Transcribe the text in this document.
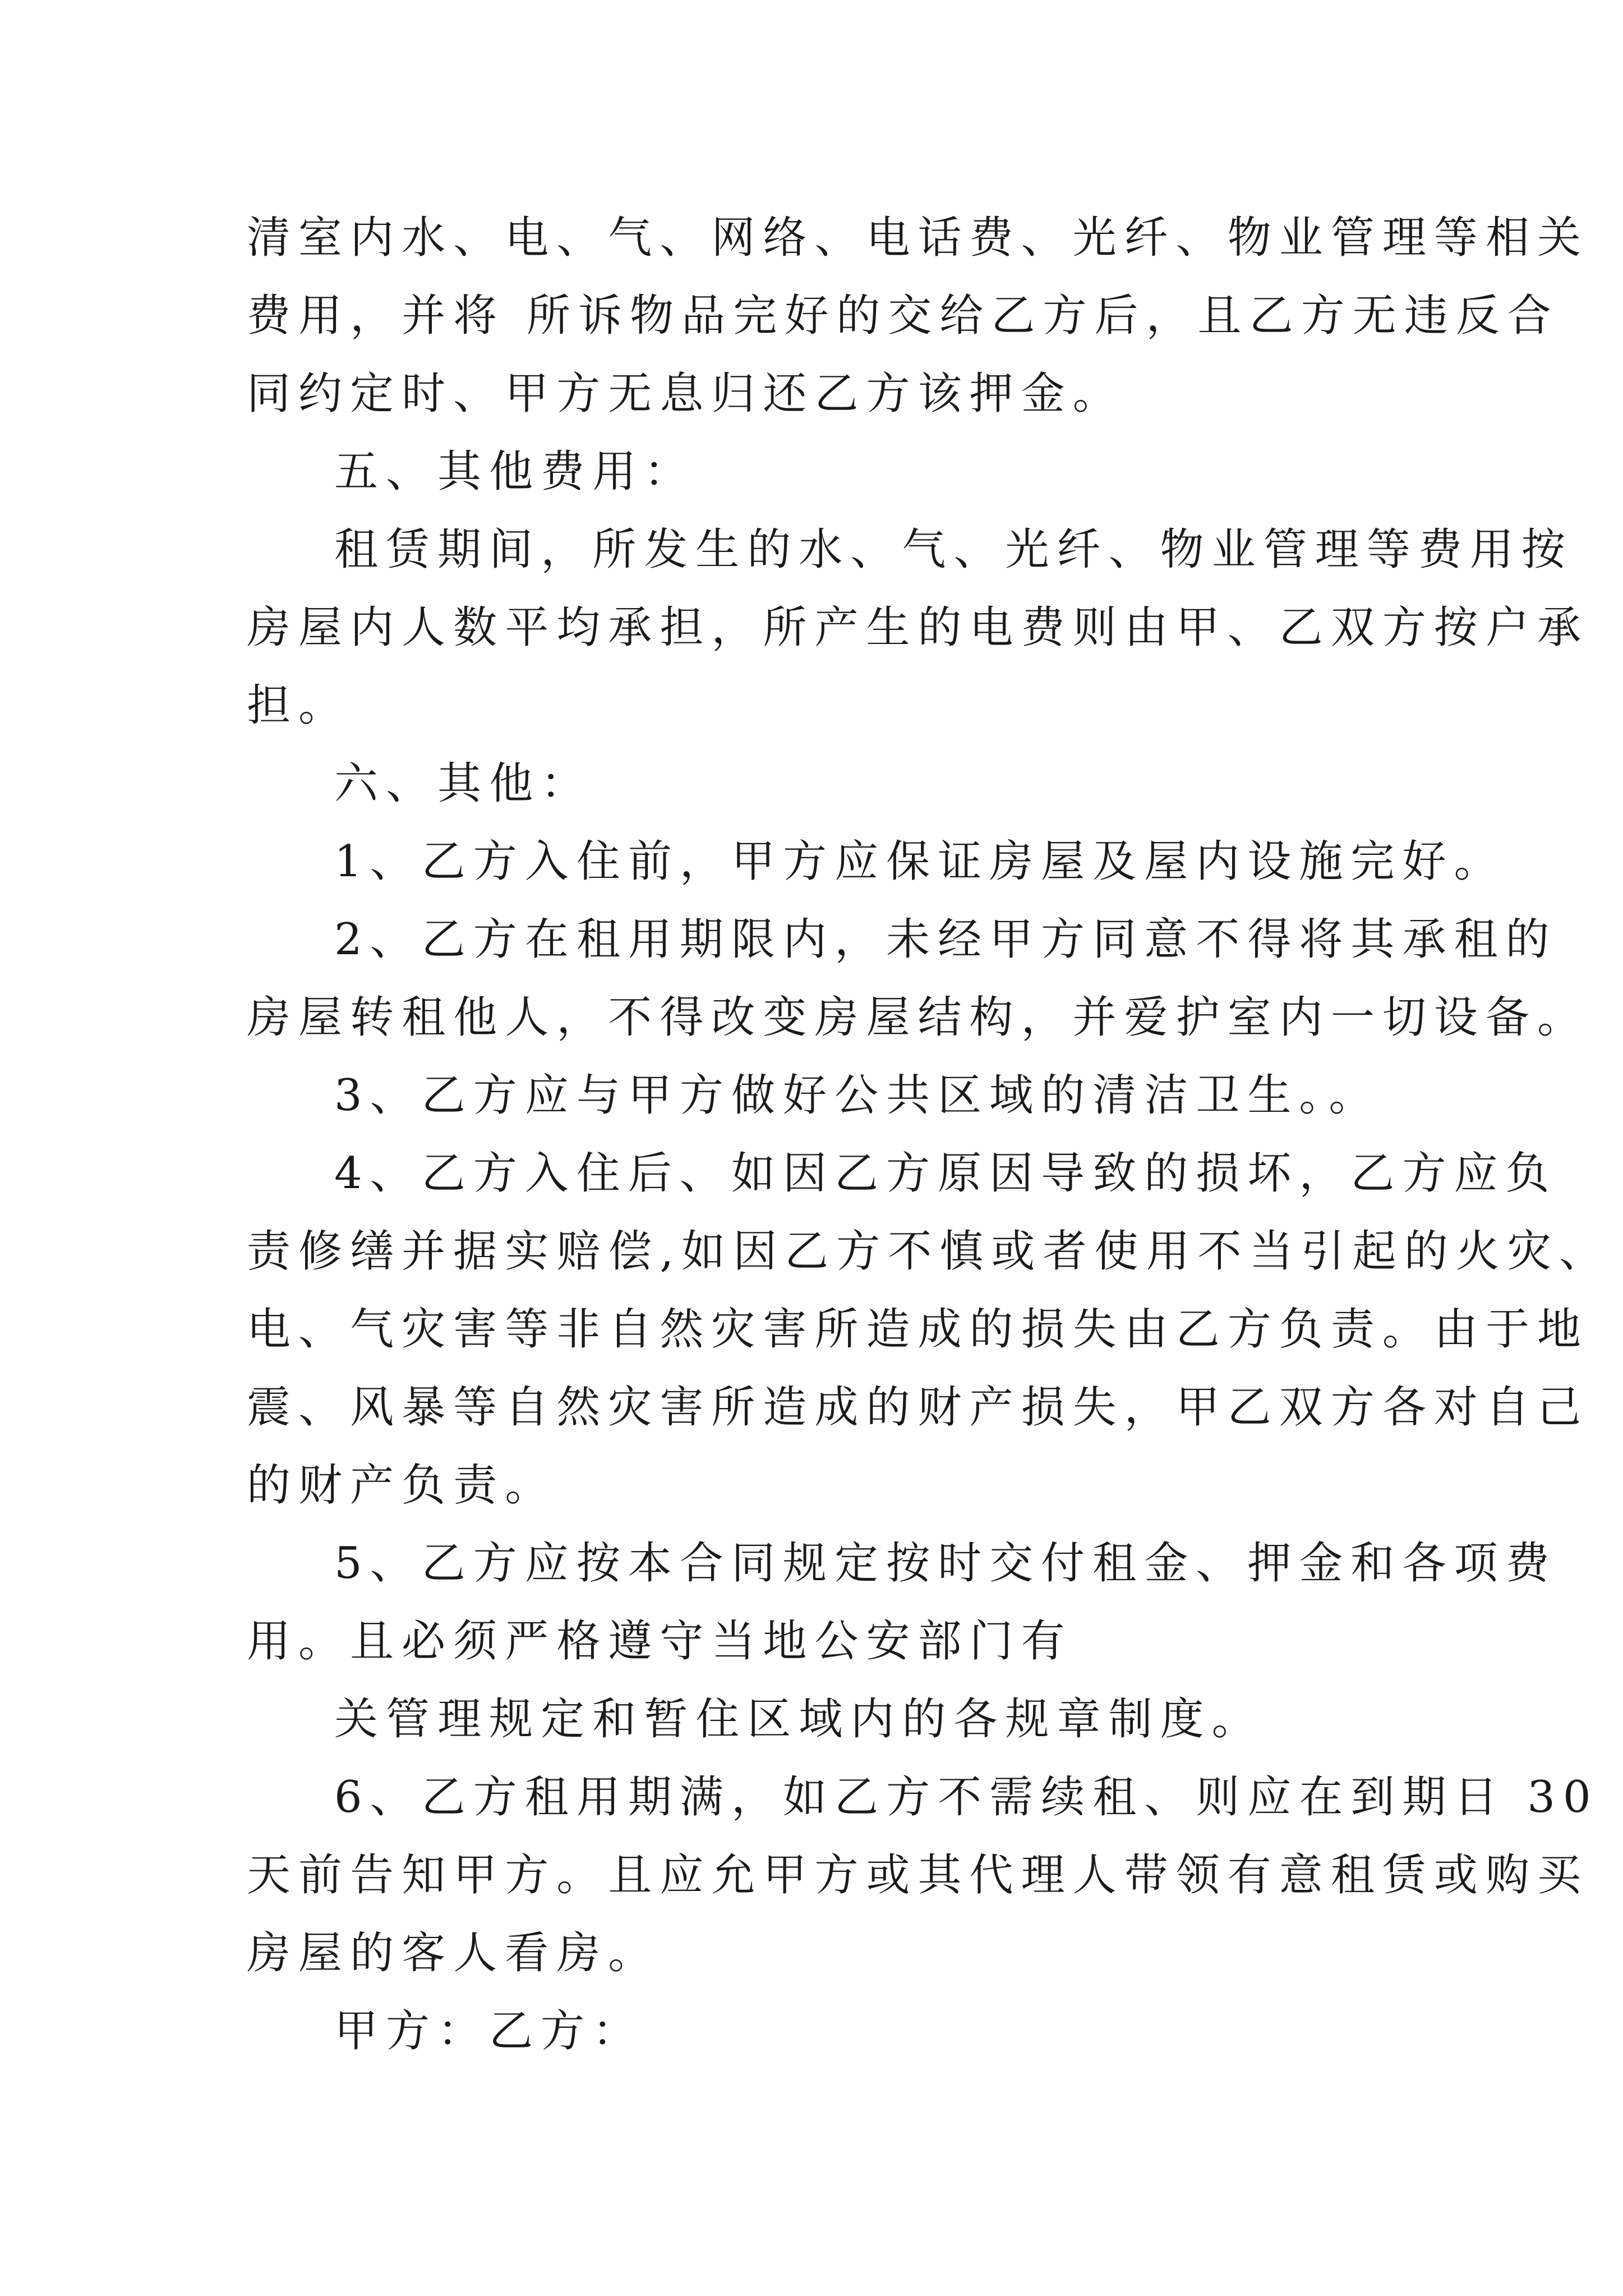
清室内水、电、气、网络、电话费、光纤、物业管理等相关
费用，并将 所诉物品完好的交给乙方后，且乙方无违反合
同约定时、甲方无息归还乙方该押金。
五、其他费用：
租赁期间，所发生的水、气、光纤、物业管理等费用按
房屋内人数平均承担，所产生的电费则由甲、乙双方按户承
担。
六、其他：
1、乙方入住前，甲方应保证房屋及屋内设施完好。
2、乙方在租用期限内，未经甲方同意不得将其承租的
房屋转租他人，不得改变房屋结构，并爱护室内一切设备。
3、乙方应与甲方做好公共区域的清洁卫生。。
4、乙方入住后、如因乙方原因导致的损坏，乙方应负
责修缮并据实赔偿,如因乙方不慎或者使用不当引起的火灾、
电、气灾害等非自然灾害所造成的损失由乙方负责。由于地
震、风暴等自然灾害所造成的财产损失，甲乙双方各对自己
的财产负责。
5、乙方应按本合同规定按时交付租金、押金和各项费
用。且必须严格遵守当地公安部门有
关管理规定和暂住区域内的各规章制度。
6、乙方租用期满，如乙方不需续租、则应在到期日 30
天前告知甲方。且应允甲方或其代理人带领有意租赁或购买
房屋的客人看房。
甲方：乙方：
